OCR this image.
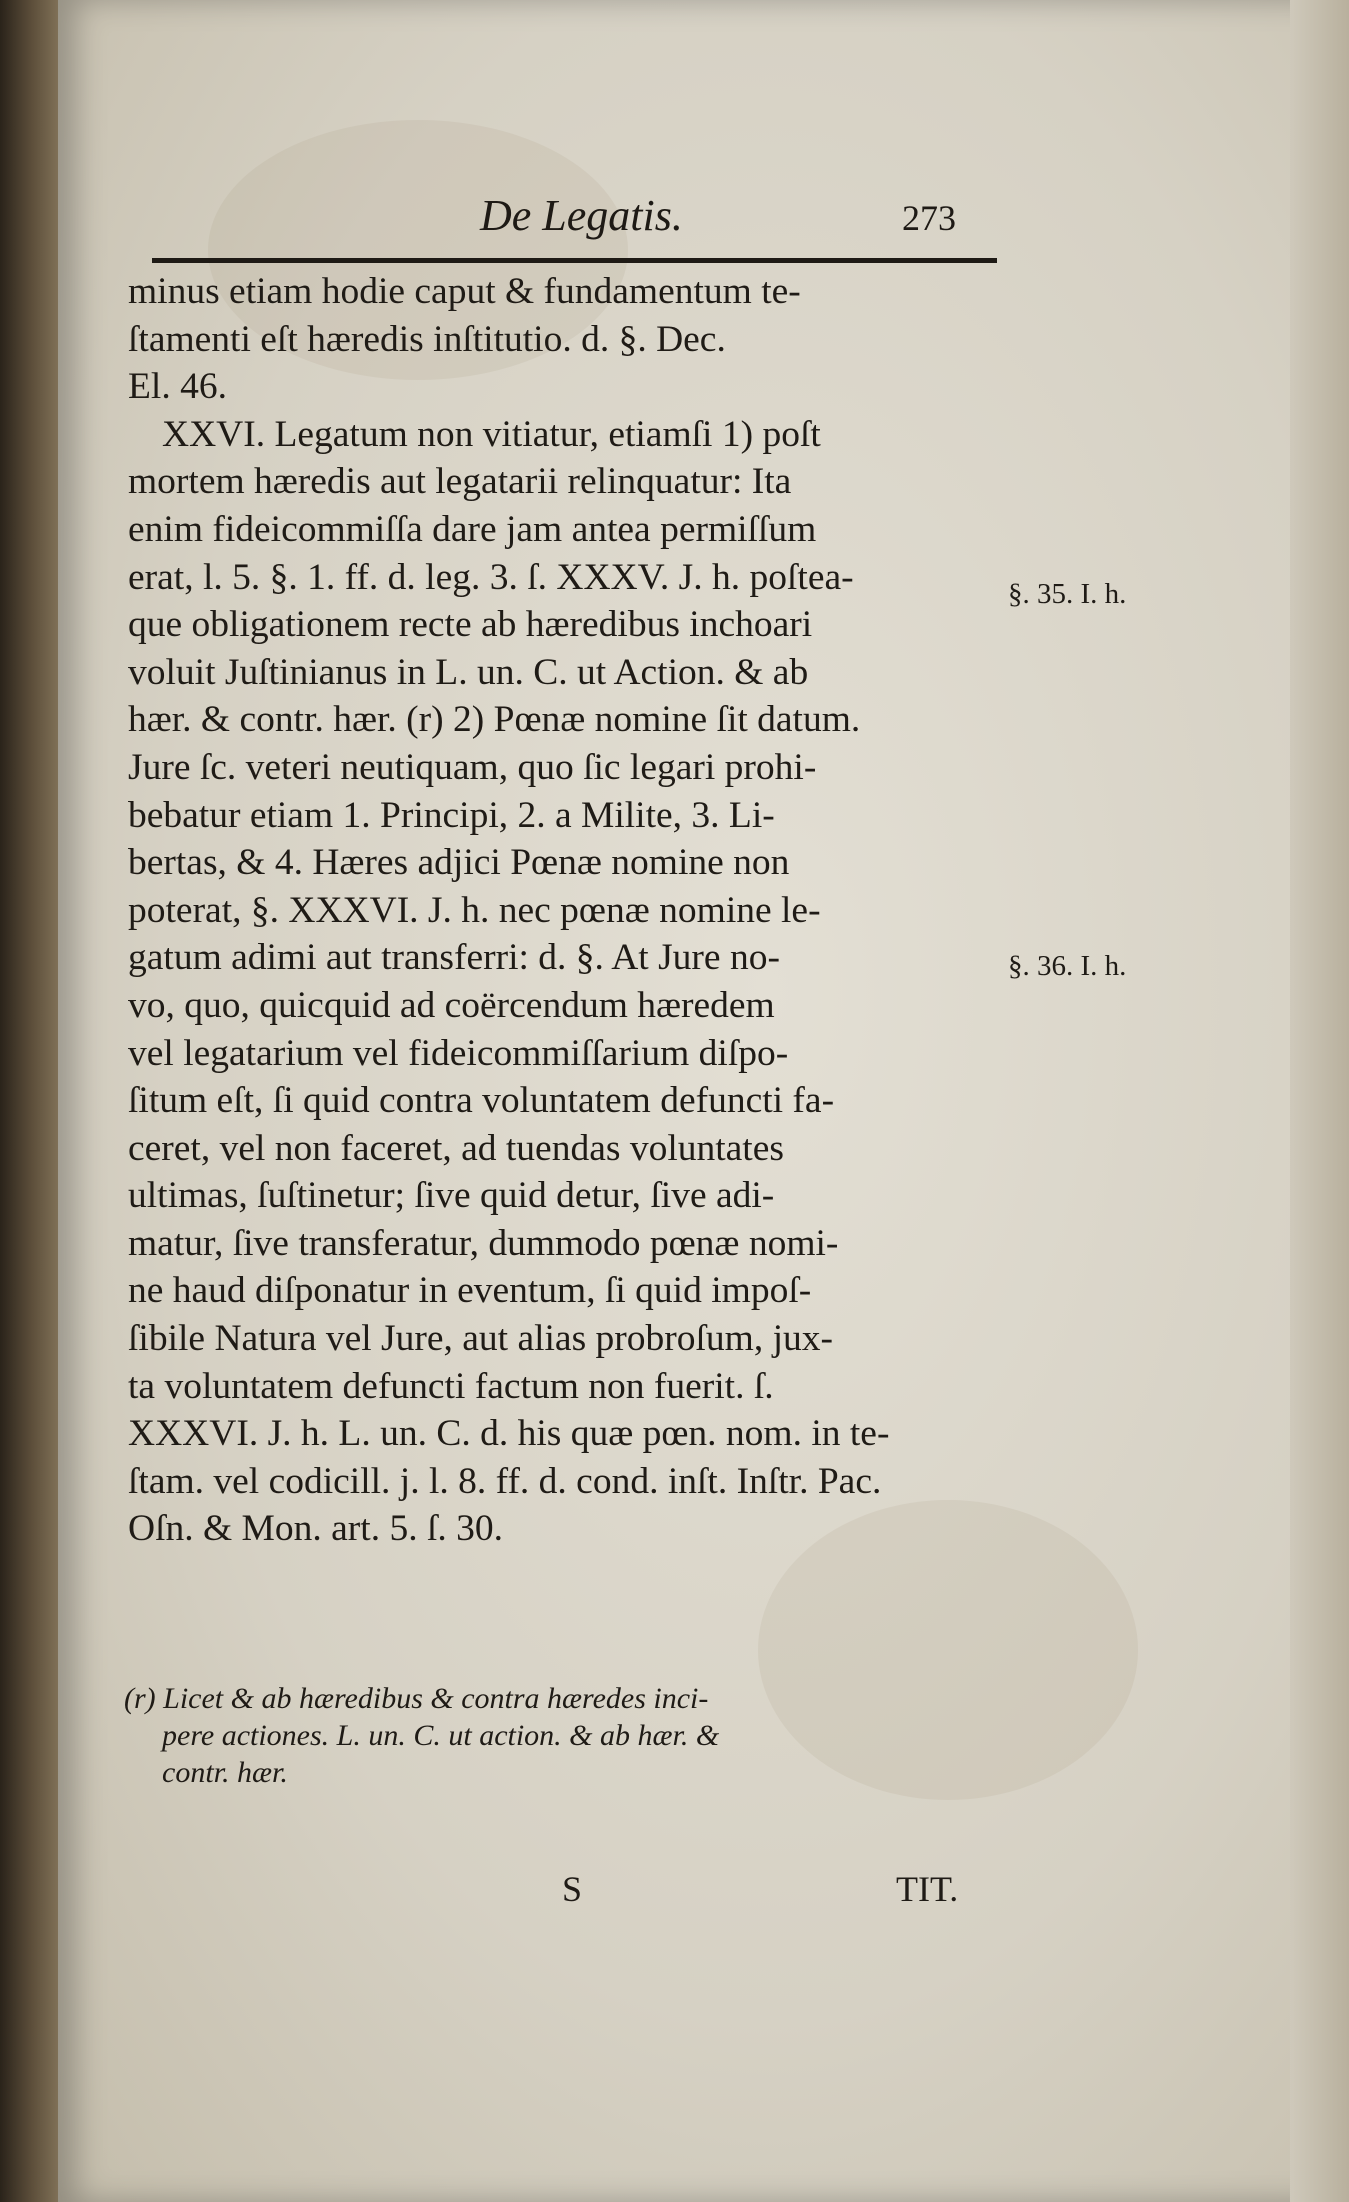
De Legatis.	273
minus etiam hodie caput & fundamentum te-
ſtamenti eſt hæredis inſtitutio. d. §. Dec.
El. 46.
XXVI. Legatum non vitiatur, etiamſi 1) poſt
mortem hæredis aut legatarii relinquatur: Ita
enim fideicommiſſa dare jam antea permiſſum
erat, l. 5. §. 1. ff. d. leg. 3. ſ. XXXV. J. h. poſtea-
que obligationem recte ab hæredibus inchoari
voluit Juſtinianus in L. un. C. ut Action. & ab
hær. & contr. hær. (r) 2) Pœnæ nomine ſit datum.
Jure ſc. veteri neutiquam, quo ſic legari prohi-
bebatur etiam 1. Principi, 2. a Milite, 3. Li-
bertas, & 4. Hæres adjici Pœnæ nomine non
poterat, §. XXXVI. J. h. nec pœnæ nomine le-
gatum adimi aut transferri: d. §. At Jure no-
vo, quo, quicquid ad coërcendum hæredem
vel legatarium vel fideicommiſſarium diſpo-
ſitum eſt, ſi quid contra voluntatem defuncti fa-
ceret, vel non faceret, ad tuendas voluntates
ultimas, ſuſtinetur; ſive quid detur, ſive adi-
matur, ſive transferatur, dummodo pœnæ nomi-
ne haud diſponatur in eventum, ſi quid impoſ-
ſibile Natura vel Jure, aut alias probroſum, jux-
ta voluntatem defuncti factum non fuerit. ſ.
XXXVI. J. h. L. un. C. d. his quæ pœn. nom. in te-
ſtam. vel codicill. j. l. 8. ff. d. cond. inſt. Inſtr. Pac.
Oſn. & Mon. art. 5. ſ. 30.
§. 35. I. h.
§. 36. I. h.
(r) Licet & ab hæredibus & contra hæredes inci-
pere actiones. L. un. C. ut action. & ab hær. &
contr. hær.
S	TIT.
